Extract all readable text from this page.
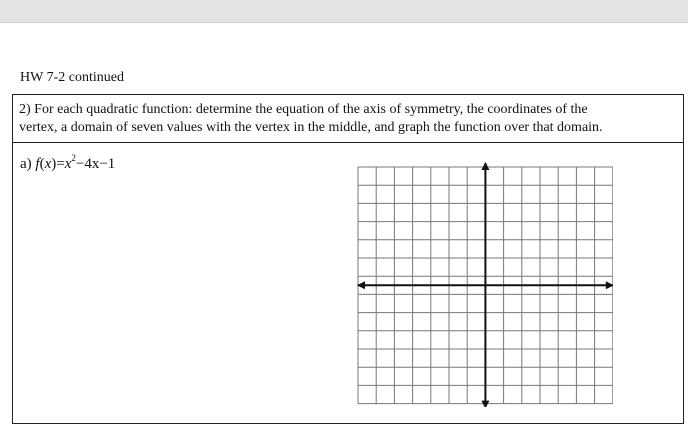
HW 7-2 continued
2) For each quadratic function: determine the equation of the axis of symmetry, the coordinates of the
vertex, a domain of seven values with the vertex in the middle, and graph the function over that domain.
a) $f(x)=x^2-4x-1$
